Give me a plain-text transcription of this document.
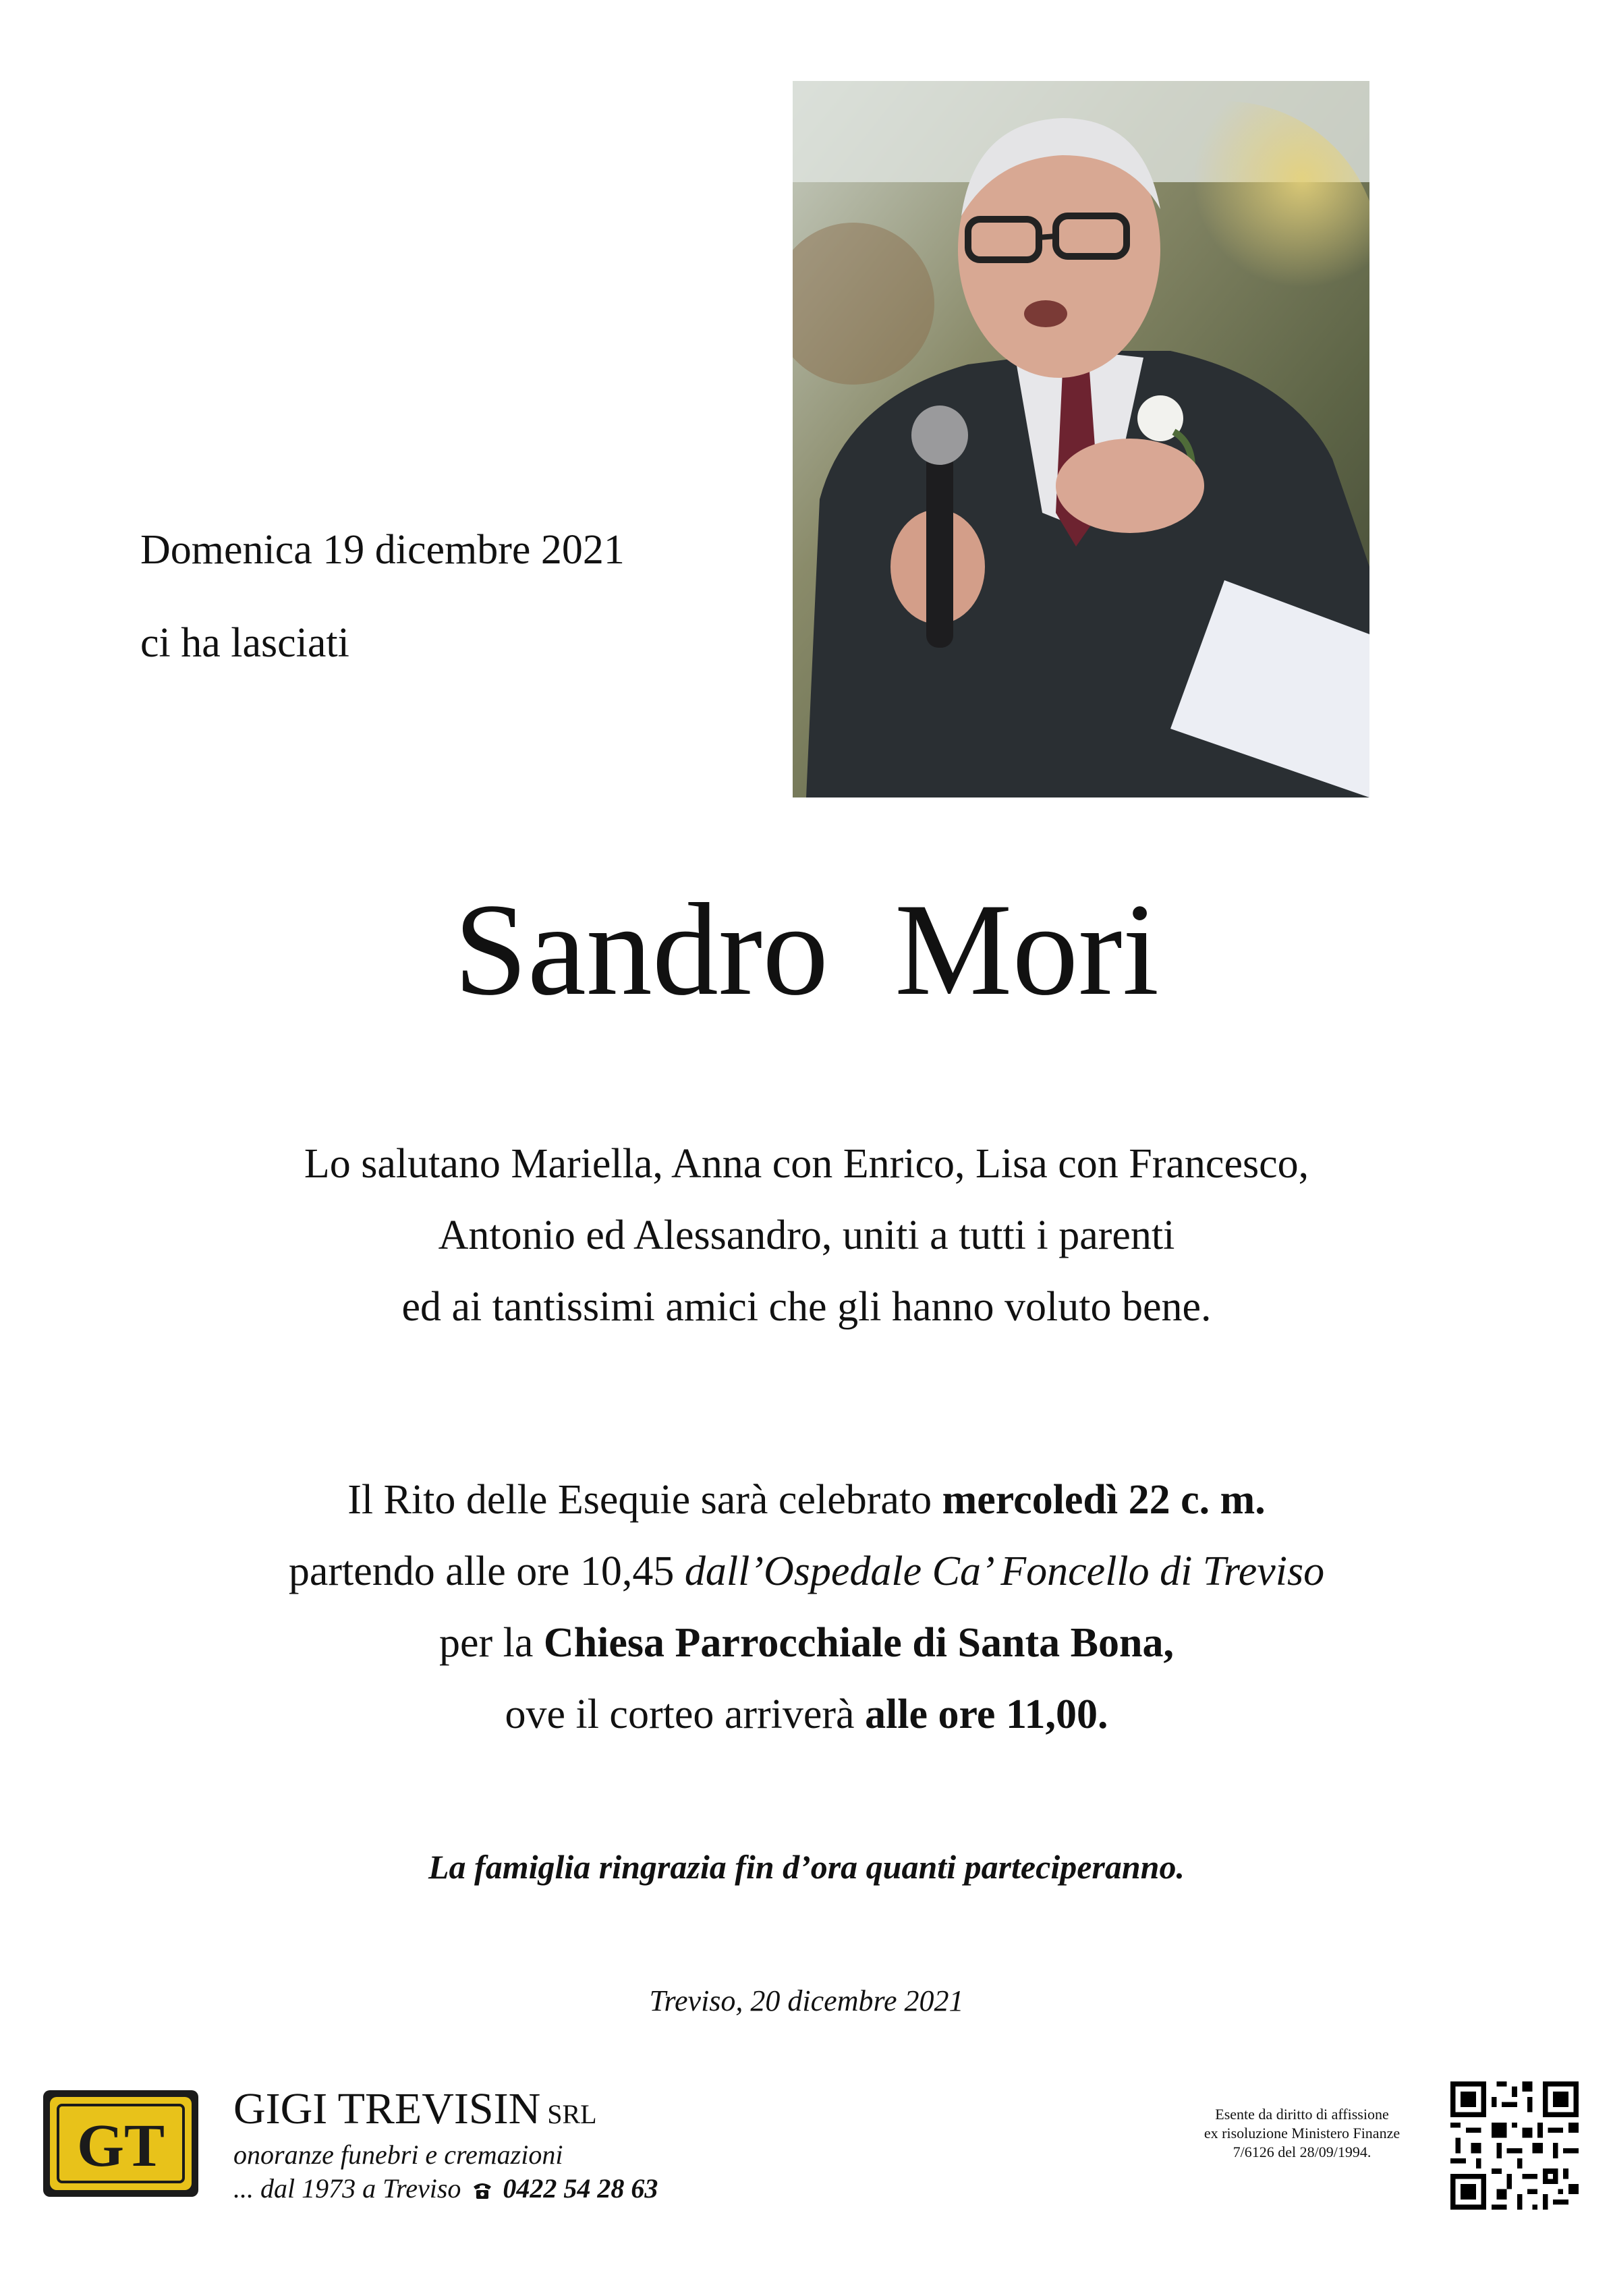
Domenica 19 dicembre 2021
ci ha lasciati
Sandro  Mori

Lo salutano Mariella, Anna con Enrico, Lisa con Francesco,

Antonio ed Alessandro, uniti a tutti i parenti

ed ai tantissimi amici che gli hanno voluto bene.

Il Rito delle Esequie sarà celebrato mercoledì 22 c. m.

partendo alle ore 10,45 dall’Ospedale Ca’ Foncello di Treviso

per la Chiesa Parrocchiale di Santa Bona,

ove il corteo arriverà alle ore 11,00.

La famiglia ringrazia fin d’ora quanti parteciperanno.
Treviso, 20 dicembre 2021
GT
GIGI TREVISIN SRL
onoranze funebri e cremazioni
... dal 1973 a Treviso 0422 54 28 63

Esente da diritto di affissione

ex risoluzione Ministero Finanze

7/6126 del 28/09/1994.
